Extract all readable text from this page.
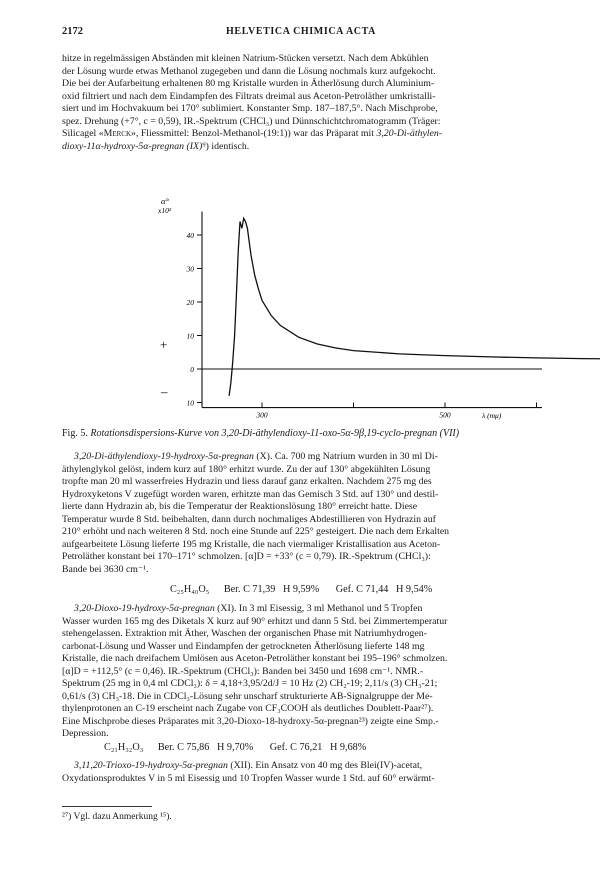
2172	HELVETICA CHIMICA ACTA
hitze in regelmässigen Abständen mit kleinen Natrium-Stücken versetzt. Nach dem Abkühlen
der Lösung wurde etwas Methanol zugegeben und dann die Lösung nochmals kurz aufgekocht.
Die bei der Aufarbeitung erhaltenen 80 mg Kristalle wurden in Ätherlösung durch Aluminium-
oxid filtriert und nach dem Eindampfen des Filtrats dreimal aus Aceton-Petroläther umkristalli-
siert und im Hochvakuum bei 170° sublimiert. Konstanter Smp. 187–187,5°. Nach Mischprobe,
spez. Drehung (+7°, c = 0,59), IR.-Spektrum (CHCl₃) und Dünnschichtchromatogramm (Träger:
Silicagel «Merck», Fliessmittel: Benzol-Methanol-(19:1)) war das Präparat mit 3,20-Di-äthylen-
dioxy-11α-hydroxy-5α-pregnan (IX)⁹) identisch.
α°
x10²
+
–
λ (mμ)
10
0
10
20
30
40
300	500
Fig. 5. Rotationsdispersions-Kurve von 3,20-Di-äthylendioxy-11-oxo-5α-9β,19-cyclo-pregnan (VII)
3,20-Di-äthylendioxy-19-hydroxy-5α-pregnan (X). Ca. 700 mg Natrium wurden in 30 ml Di-
äthylenglykol gelöst, indem kurz auf 180° erhitzt wurde. Zu der auf 130° abgekühlten Lösung
tropfte man 20 ml wasserfreies Hydrazin und liess darauf ganz erkalten. Nachdem 275 mg des
Hydroxyketons V zugefügt worden waren, erhitzte man das Gemisch 3 Std. auf 130° und destil-
lierte dann Hydrazin ab, bis die Temperatur der Reaktionslösung 180° erreicht hatte. Diese
Temperatur wurde 8 Std. beibehalten, dann durch nochmaliges Abdestillieren von Hydrazin auf
210° erhöht und nach weiteren 8 Std. noch eine Stunde auf 225° gesteigert. Die nach dem Erkalten
aufgearbeitete Lösung lieferte 195 mg Kristalle, die nach viermaliger Kristallisation aus Aceton-
Petroläther konstant bei 170–171° schmolzen. [α]D = +33° (c = 0,79). IR.-Spektrum (CHCl₃):
Bande bei 3630 cm⁻¹.
C₂₅H₄₀O₅ Ber. C 71,39   H 9,59% Gef. C 71,44   H 9,54%
3,20-Dioxo-19-hydroxy-5α-pregnan (XI). In 3 ml Eisessig, 3 ml Methanol und 5 Tropfen
Wasser wurden 165 mg des Diketals X kurz auf 90° erhitzt und dann 5 Std. bei Zimmertemperatur
stehengelassen. Extraktion mit Äther, Waschen der organischen Phase mit Natriumhydrogen-
carbonat-Lösung und Wasser und Eindampfen der getrockneten Ätherlösung lieferte 148 mg
Kristalle, die nach dreifachem Umlösen aus Aceton-Petroläther konstant bei 195–196° schmolzen.
[α]D = +112,5° (c = 0,46). IR.-Spektrum (CHCl₃): Banden bei 3450 und 1698 cm⁻¹. NMR.-
Spektrum (25 mg in 0,4 ml CDCl₃): δ = 4,18+3,95/2d/J = 10 Hz (2) CH₂-19; 2,11/s (3) CH₃-21;
0,61/s (3) CH₃-18. Die in CDCl₃-Lösung sehr unscharf strukturierte AB-Signalgruppe der Me-
thylenprotonen an C-19 erscheint nach Zugabe von CF₃COOH als deutliches Doublett-Paar²⁷).
Eine Mischprobe dieses Präparates mit 3,20-Dioxo-18-hydroxy-5α-pregnan²³) zeigte eine Smp.-
Depression.
C₂₁H₃₂O₃ Ber. C 75,86   H 9,70% Gef. C 76,21   H 9,68%
3,11,20-Trioxo-19-hydroxy-5α-pregnan (XII). Ein Ansatz von 40 mg des Blei(IV)-acetat,
Oxydationsproduktes V in 5 ml Eisessig und 10 Tropfen Wasser wurde 1 Std. auf 60° erwärmt-
²⁷) Vgl. dazu Anmerkung ¹⁵).
